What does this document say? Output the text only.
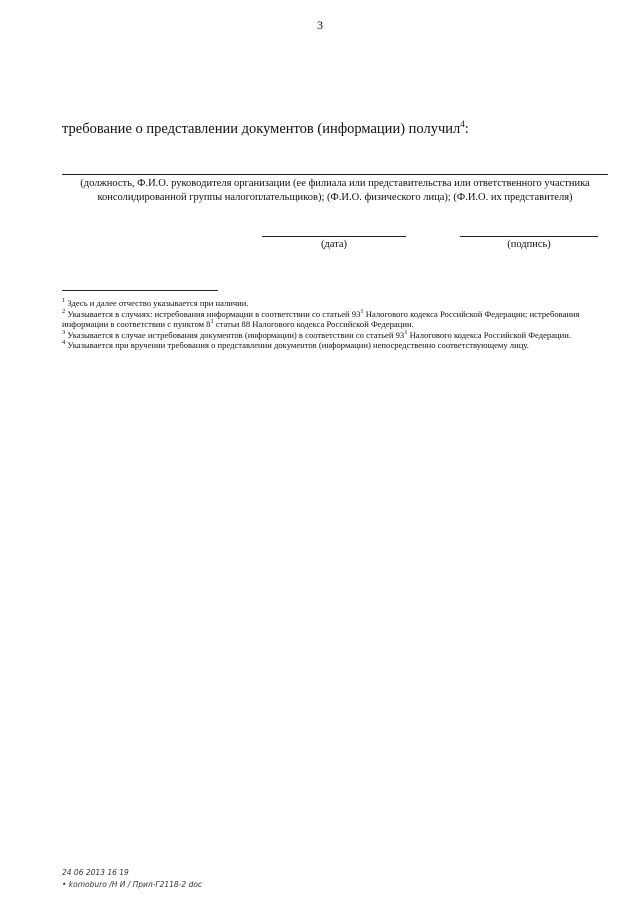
3
требование о представлении документов (информации) получил$^4$:
(должность, Ф.И.О. руководителя организации (ее филиала или представительства или ответственного участника
консолидированной группы налогоплательщиков); (Ф.И.О. физического лица); (Ф.И.О. их представителя)
(дата)	(подпись)

$^1$ Здесь и далее отчество указывается при наличии.

$^2$ Указывается в случаях: истребования информации в соответствии со статьей $93^1$ Налогового кодекса Российской Федерации; истребования информации в соответствии с пунктом $8^1$ статьи 88 Налогового кодекса Российской Федерации.

$^3$ Указывается в случае истребования документов (информации) в соответствии со статьей $93^1$ Налогового кодекса Российской Федерации.

$^4$ Указывается при вручении требования о представлении документов (информации) непосредственно соответствующему лицу.

24 06 2013 16 19
• komoburo /Н И / Прил-Г2118-2 doc
